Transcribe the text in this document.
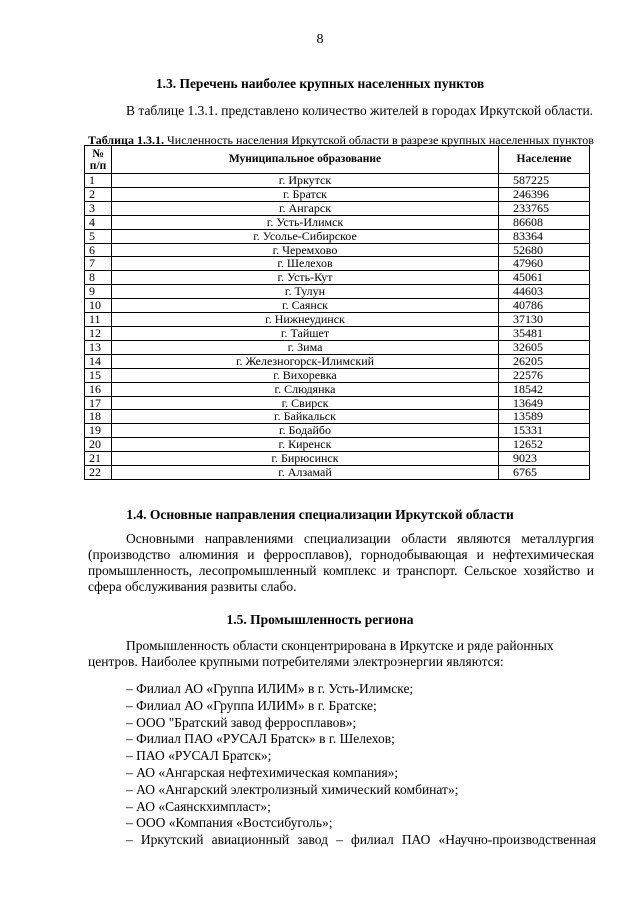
8
1.3. Перечень наиболее крупных населенных пунктов
В таблице 1.3.1. представлено количество жителей в городах Иркутской области.
Таблица 1.3.1. Численность населения Иркутской области в разрезе крупных населенных пунктов
№
п/п	Муниципальное образование	Население
1	г. Иркутск	587225
2	г. Братск	246396
3	г. Ангарск	233765
4	г. Усть-Илимск	86608
5	г. Усолье-Сибирское	83364
6	г. Черемхово	52680
7	г. Шелехов	47960
8	г. Усть-Кут	45061
9	г. Тулун	44603
10	г. Саянск	40786
11	г. Нижнеудинск	37130
12	г. Тайшет	35481
13	г. Зима	32605
14	г. Железногорск-Илимский	26205
15	г. Вихоревка	22576
16	г. Слюдянка	18542
17	г. Свирск	13649
18	г. Байкальск	13589
19	г. Бодайбо	15331
20	г. Киренск	12652
21	г. Бирюсинск	9023
22	г. Алзамай	6765
1.4. Основные направления специализации Иркутской области
Основными направлениями специализации области являются металлургия (производство алюминия и ферросплавов), горнодобывающая и нефтехимическая промышленность, лесопромышленный комплекс и транспорт. Сельское хозяйство и сфера обслуживания развиты слабо.
1.5. Промышленность региона
Промышленность области сконцентрирована в Иркутске и ряде районных центров. Наиболее крупными потребителями электроэнергии являются:
– Филиал АО «Группа ИЛИМ» в г. Усть-Илимске;
– Филиал АО «Группа ИЛИМ» в г. Братске;
– ООО "Братский завод ферросплавов»;
– Филиал ПАО «РУСАЛ Братск» в г. Шелехов;
– ПАО «РУСАЛ Братск»;
– АО «Ангарская нефтехимическая компания»;
– АО «Ангарский электролизный химический комбинат»;
– АО «Саянскхимпласт»;
– ООО «Компания «Востсибуголь»;
– Иркутский авиационный завод – филиал ПАО «Научно-производственная
